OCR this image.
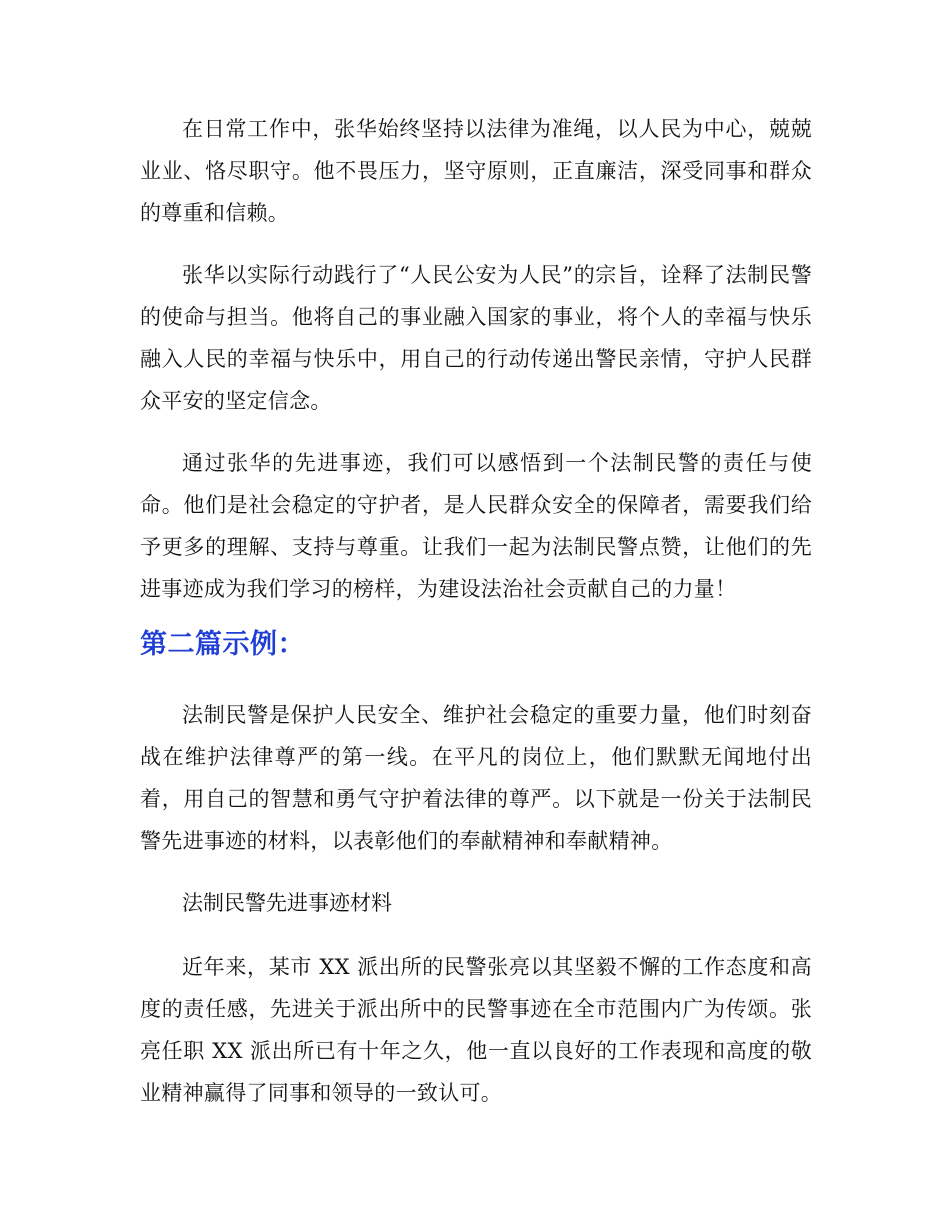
在日常工作中，张华始终坚持以法律为准绳，以人民为中心，兢兢业业、恪尽职守。他不畏压力，坚守原则，正直廉洁，深受同事和群众的尊重和信赖。

张华以实际行动践行了“人民公安为人民”的宗旨，诠释了法制民警的使命与担当。他将自己的事业融入国家的事业，将个人的幸福与快乐融入人民的幸福与快乐中，用自己的行动传递出警民亲情，守护人民群众平安的坚定信念。

通过张华的先进事迹，我们可以感悟到一个法制民警的责任与使命。他们是社会稳定的守护者，是人民群众安全的保障者，需要我们给予更多的理解、支持与尊重。让我们一起为法制民警点赞，让他们的先进事迹成为我们学习的榜样，为建设法治社会贡献自己的力量！

第二篇示例：

法制民警是保护人民安全、维护社会稳定的重要力量，他们时刻奋战在维护法律尊严的第一线。在平凡的岗位上，他们默默无闻地付出着，用自己的智慧和勇气守护着法律的尊严。以下就是一份关于法制民警先进事迹的材料，以表彰他们的奉献精神和奉献精神。

法制民警先进事迹材料

近年来，某市 XX 派出所的民警张亮以其坚毅不懈的工作态度和高度的责任感，先进关于派出所中的民警事迹在全市范围内广为传颂。张亮任职 XX 派出所已有十年之久，他一直以良好的工作表现和高度的敬业精神赢得了同事和领导的一致认可。
